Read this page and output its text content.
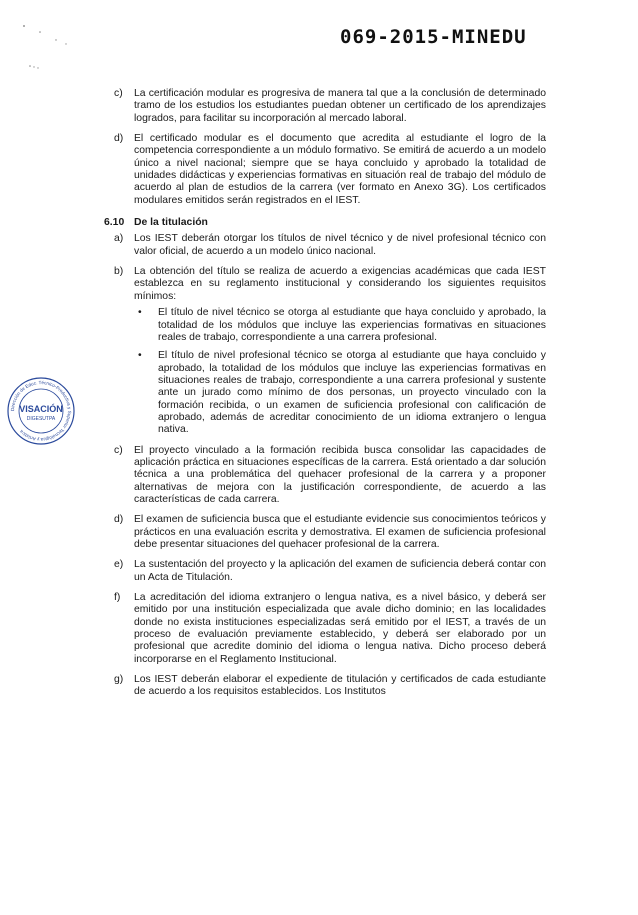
069-2015-MINEDU
Dirección de Educ. Técnico-Productiva y Superior Tecnológica y Artística
VISACIÓN
DIGESUTPA
c)	La certificación modular es progresiva de manera tal que a la conclusión de determinado tramo de los estudios los estudiantes puedan obtener un certificado de los aprendizajes logrados, para facilitar su incorporación al mercado laboral.
d)	El certificado modular es el documento que acredita al estudiante el logro de la competencia correspondiente a un módulo formativo. Se emitirá de acuerdo a un modelo único a nivel nacional; siempre que se haya concluido y aprobado la totalidad de unidades didácticas y experiencias formativas en situación real de trabajo del módulo de acuerdo al plan de estudios de la carrera (ver formato en Anexo 3G). Los certificados modulares emitidos serán registrados en el IEST.
6.10 De la titulación
a)	Los IEST deberán otorgar los títulos de nivel técnico y de nivel profesional técnico con valor oficial, de acuerdo a un modelo único nacional.
b)	La obtención del título se realiza de acuerdo a exigencias académicas que cada IEST establezca en su reglamento institucional y considerando los siguientes requisitos mínimos:
•	El título de nivel técnico se otorga al estudiante que haya concluido y aprobado, la totalidad de los módulos que incluye las experiencias formativas en situaciones reales de trabajo, correspondiente a una carrera profesional.
•	El título de nivel profesional técnico se otorga al estudiante que haya concluido y aprobado, la totalidad de los módulos que incluye las experiencias formativas en situaciones reales de trabajo, correspondiente a una carrera profesional y sustente ante un jurado como mínimo de dos personas, un proyecto vinculado con la formación recibida, o un examen de suficiencia profesional con calificación de aprobado, además de acreditar conocimiento de un idioma extranjero o lengua nativa.
c)	El proyecto vinculado a la formación recibida busca consolidar las capacidades de aplicación práctica en situaciones específicas de la carrera. Está orientado a dar solución técnica a una problemática del quehacer profesional de la carrera y a proponer alternativas de mejora con la justificación correspondiente, de acuerdo a las características de cada carrera.
d)	El examen de suficiencia busca que el estudiante evidencie sus conocimientos teóricos y prácticos en una evaluación escrita y demostrativa. El examen de suficiencia profesional debe presentar situaciones del quehacer profesional de la carrera.
e)	La sustentación del proyecto y la aplicación del examen de suficiencia deberá contar con un Acta de Titulación.
f)	La acreditación del idioma extranjero o lengua nativa, es a nivel básico, y deberá ser emitido por una institución especializada que avale dicho dominio; en las localidades donde no exista instituciones especializadas será emitido por el IEST, a través de un proceso de evaluación previamente establecido, y deberá ser elaborado por un profesional que acredite dominio del idioma o lengua nativa. Dicho proceso deberá incorporarse en el Reglamento Institucional.
g)	Los IEST deberán elaborar el expediente de titulación y certificados de cada estudiante de acuerdo a los requisitos establecidos. Los Institutos
